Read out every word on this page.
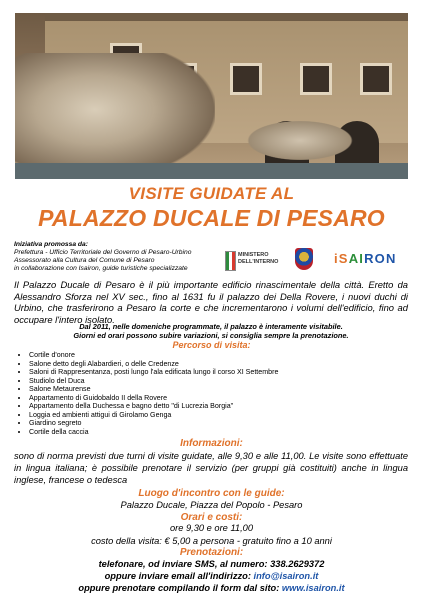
VISITE GUIDATE AL
PALAZZO DUCALE DI PESARO
Iniziativa promossa da:
Prefettura - Ufficio Territoriale del Governo di Pesaro-Urbino
Assessorato alla Cultura del Comune di Pesaro
in collaborazione con Isairon, guide turistiche specializzate
MINISTERO
DELL'INTERNO	iSAIRON
Il Palazzo Ducale di Pesaro è il più importante edificio rinascimentale della città. Eretto da Alessandro Sforza nel XV sec., fino al 1631 fu il palazzo dei Della Rovere, i nuovi duchi di Urbino, che trasferirono a Pesaro la corte e che incrementarono i volumi dell'edificio, fino ad occupare l'intero isolato.
Dal 2011, nelle domeniche programmate, il palazzo è interamente visitabile.
Giorni ed orari possono subire variazioni, si consiglia sempre la prenotazione.
Percorso di visita:
• Cortile d'onore
• Salone detto degli Alabardieri, o delle Credenze
• Saloni di Rappresentanza, posti lungo l'ala edificata lungo il corso XI Settembre
• Studiolo del Duca
• Salone Metaurense
• Appartamento di Guidobaldo II della Rovere
• Appartamento della Duchessa e bagno detto "di Lucrezia Borgia"
• Loggia ed ambienti attigui di Girolamo Genga
• Giardino segreto
• Cortile della caccia
Informazioni:
sono di norma previsti due turni di visite guidate, alle 9,30 e alle 11,00. Le visite sono effettuate in lingua italiana; è possibile prenotare il servizio (per gruppi già costituiti) anche in lingua inglese, francese o tedesca
Luogo d'incontro con le guide:
Palazzo Ducale, Piazza del Popolo - Pesaro
Orari e costi:
ore 9,30 e ore 11,00
costo della visita: € 5,00 a persona - gratuito fino a 10 anni
Prenotazioni:
telefonare, od inviare SMS, al numero: 338.2629372
oppure inviare email all'indirizzo: info@isairon.it
oppure prenotare compilando il form dal sito: www.isairon.it
